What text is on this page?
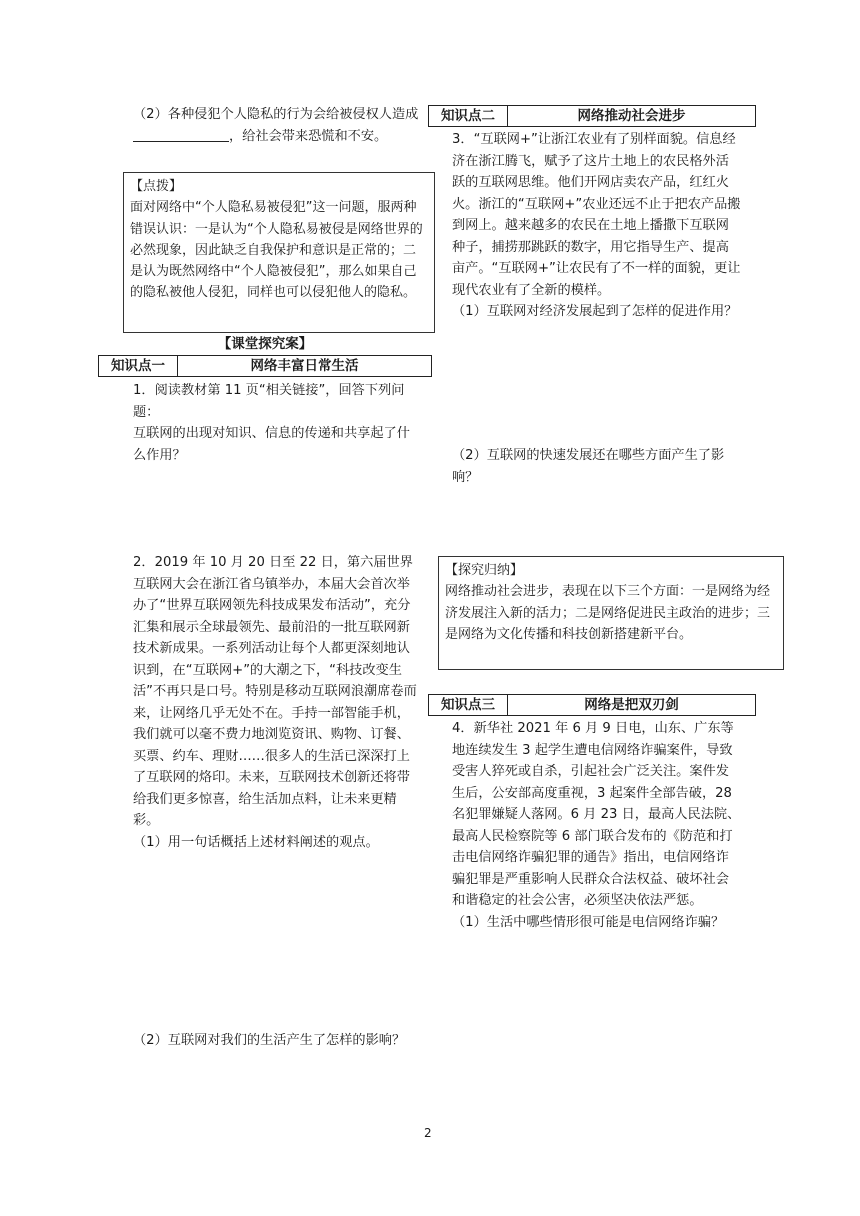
（2）各种侵犯个人隐私的行为会给被侵权人造成，给社会带来恐慌和不安。

【点拨】

面对网络中“个人隐私易被侵犯”这一问题，服两种错误认识：一是认为“个人隐私易被侵是网络世界的必然现象，因此缺乏自我保护和意识是正常的；二是认为既然网络中“个人隐被侵犯”，那么如果自己的隐私被他人侵犯，同样也可以侵犯他人的隐私。

【课堂探究案】
知识点一	网络丰富日常生活

1．阅读教材第 11 页“相关链接”，回答下列问题：

互联网的出现对知识、信息的传递和共享起了什么作用？

2．2019 年 10 月 20 日至 22 日，第六届世界互联网大会在浙江省乌镇举办，本届大会首次举办了“世界互联网领先科技成果发布活动”，充分汇集和展示全球最领先、最前沿的一批互联网新技术新成果。一系列活动让每个人都更深刻地认识到，在“互联网+”的大潮之下，“科技改变生活”不再只是口号。特别是移动互联网浪潮席卷而来，让网络几乎无处不在。手持一部智能手机，我们就可以毫不费力地浏览资讯、购物、订餐、买票、约车、理财……很多人的生活已深深打上了互联网的烙印。未来，互联网技术创新还将带给我们更多惊喜，给生活加点料，让未来更精彩。

（1）用一句话概括上述材料阐述的观点。

（2）互联网对我们的生活产生了怎样的影响？

知识点二	网络推动社会进步

3．“互联网+”让浙江农业有了别样面貌。信息经济在浙江腾飞，赋予了这片土地上的农民格外活跃的互联网思维。他们开网店卖农产品，红红火火。浙江的“互联网+”农业还远不止于把农产品搬到网上。越来越多的农民在土地上播撒下互联网种子，捕捞那跳跃的数字，用它指导生产、提高亩产。“互联网+”让农民有了不一样的面貌，更让现代农业有了全新的模样。

（1）互联网对经济发展起到了怎样的促进作用？

（2）互联网的快速发展还在哪些方面产生了影响？

【探究归纳】

网络推动社会进步，表现在以下三个方面：一是网络为经济发展注入新的活力；二是网络促进民主政治的进步；三是网络为文化传播和科技创新搭建新平台。

知识点三	网络是把双刃剑

4．新华社 2021 年 6 月 9 日电，山东、广东等地连续发生 3 起学生遭电信网络诈骗案件，导致受害人猝死或自杀，引起社会广泛关注。案件发生后，公安部高度重视，3 起案件全部告破，28 名犯罪嫌疑人落网。6 月 23 日，最高人民法院、最高人民检察院等 6 部门联合发布的《防范和打击电信网络诈骗犯罪的通告》指出，电信网络诈骗犯罪是严重影响人民群众合法权益、破坏社会和谐稳定的社会公害，必须坚决依法严惩。

（1）生活中哪些情形很可能是电信网络诈骗？

2
